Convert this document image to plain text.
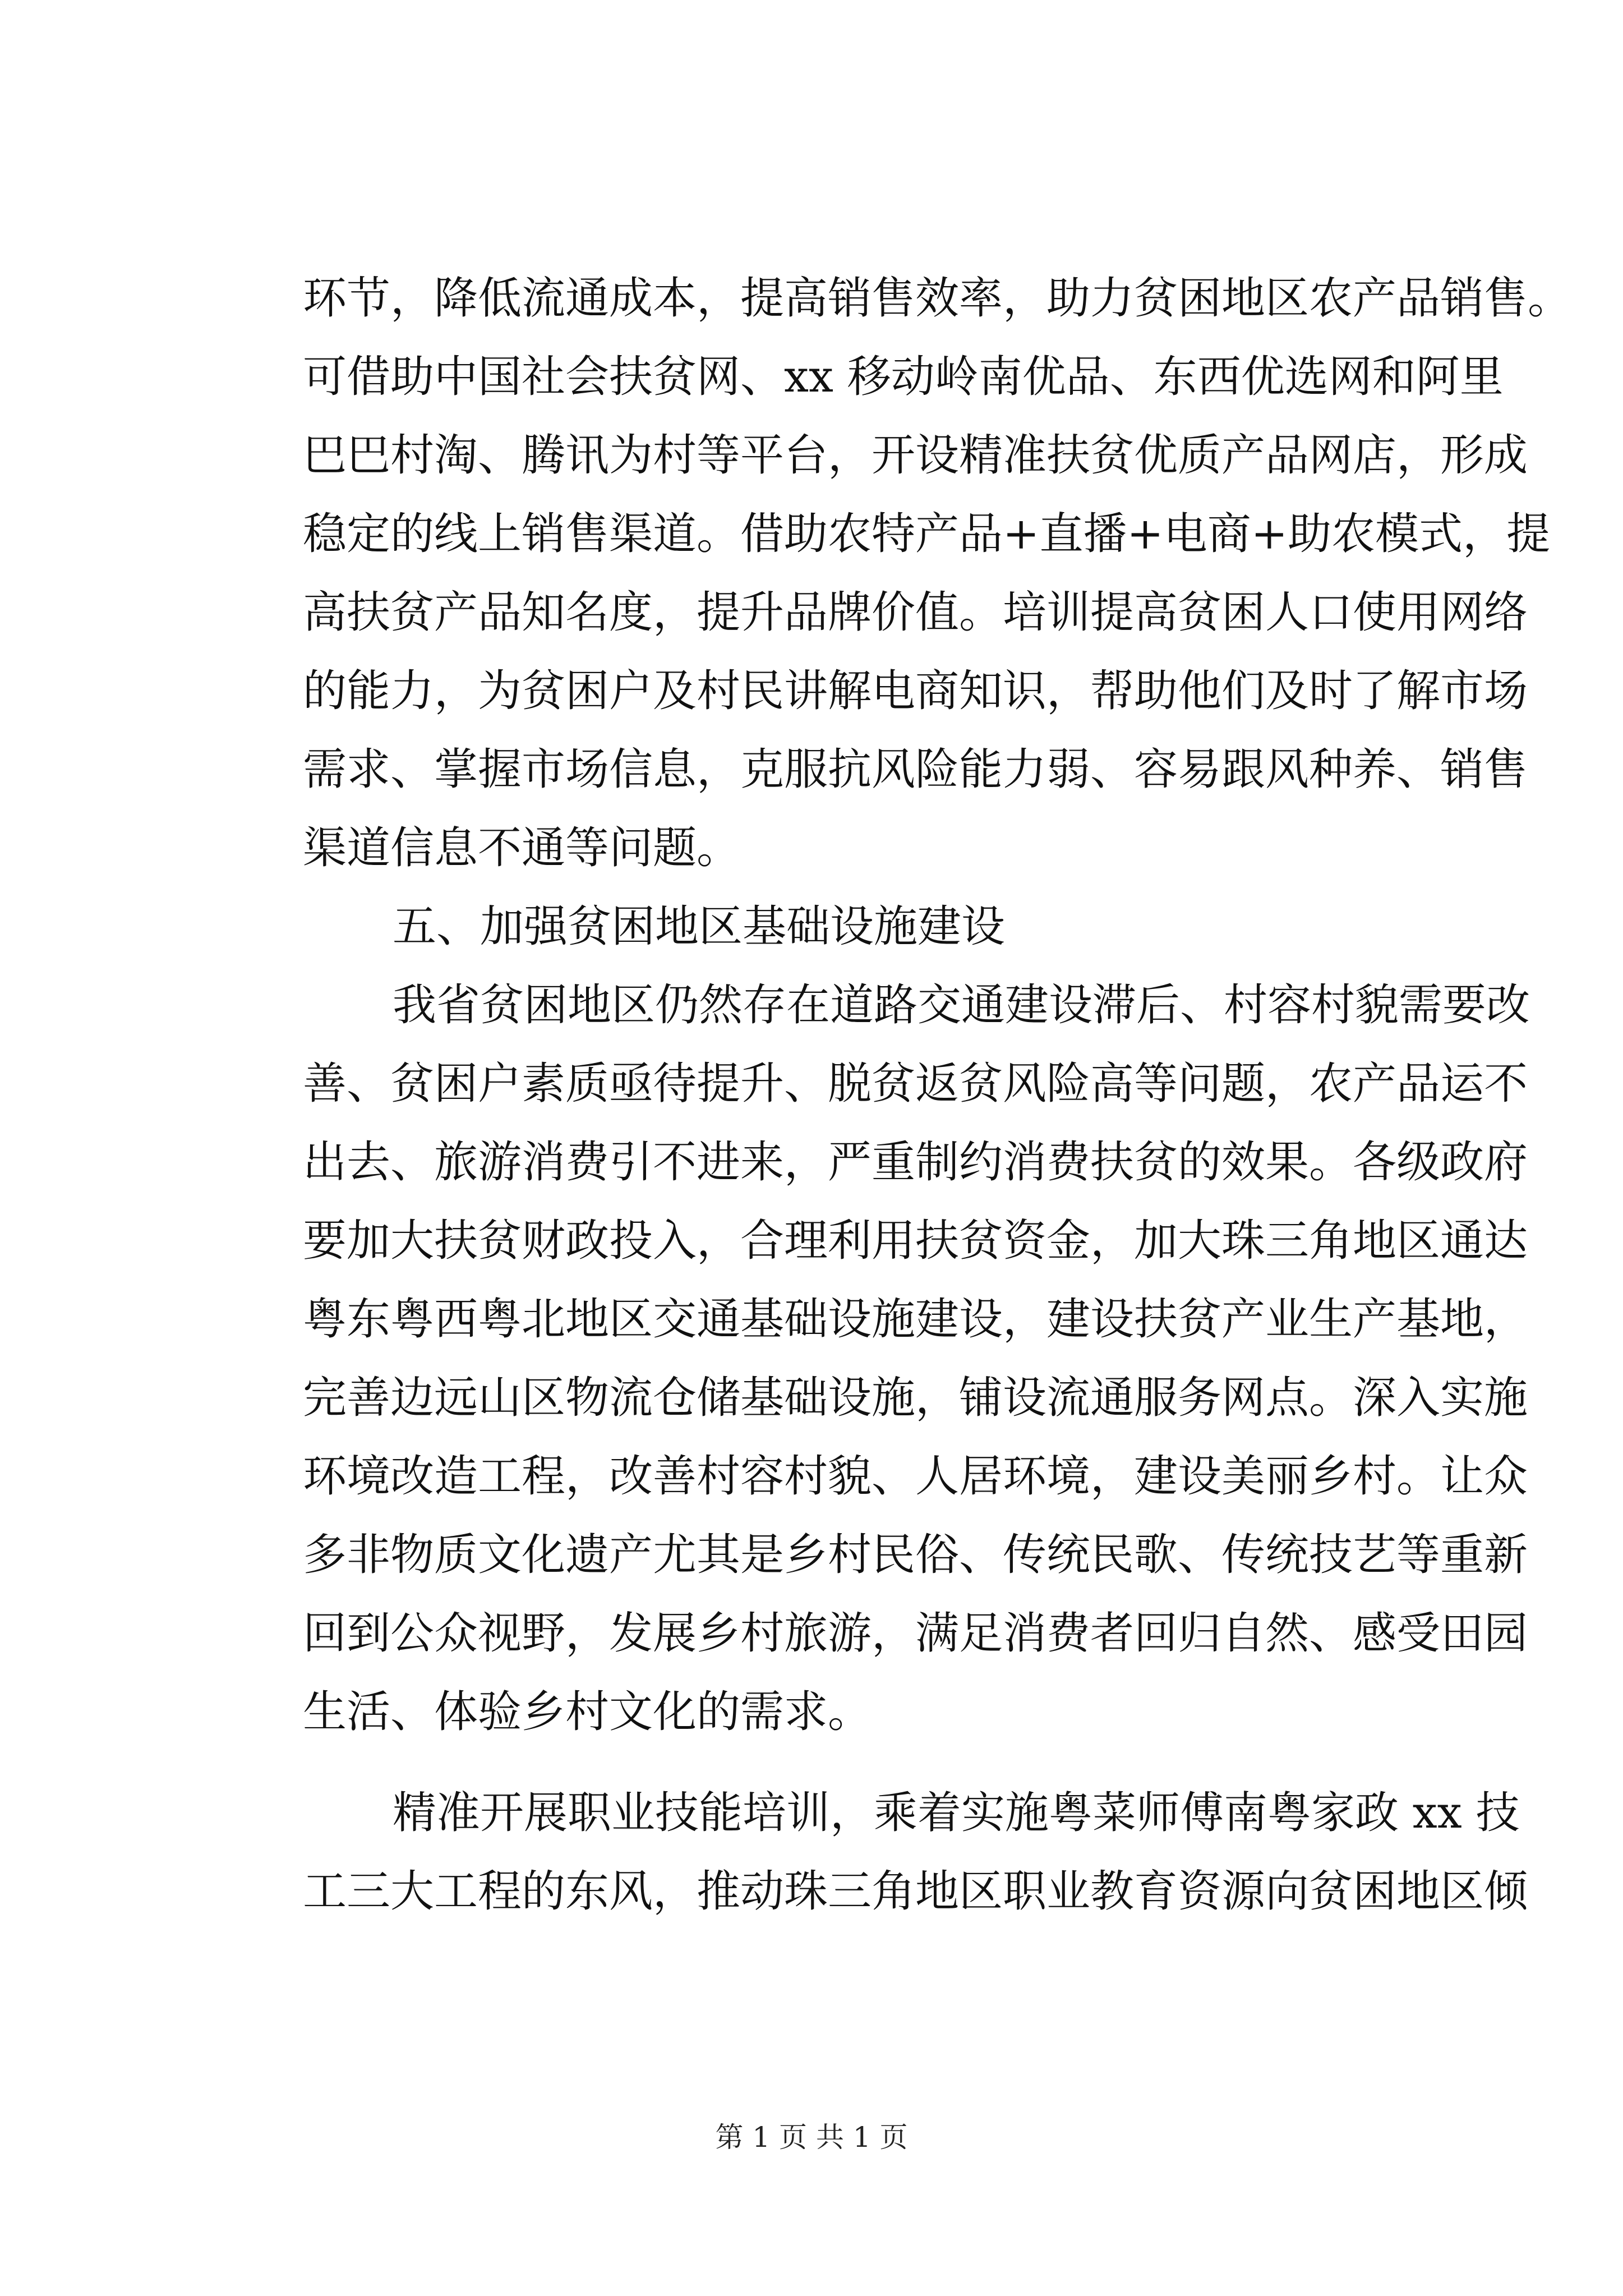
环节，降低流通成本，提高销售效率，助力贫困地区农产品销售。
可借助中国社会扶贫网、xx 移动岭南优品、东西优选网和阿里
巴巴村淘、腾讯为村等平台，开设精准扶贫优质产品网店，形成
稳定的线上销售渠道。借助农特产品+直播+电商+助农模式，提
高扶贫产品知名度，提升品牌价值。培训提高贫困人口使用网络
的能力，为贫困户及村民讲解电商知识，帮助他们及时了解市场
需求、掌握市场信息，克服抗风险能力弱、容易跟风种养、销售
渠道信息不通等问题。
五、加强贫困地区基础设施建设
我省贫困地区仍然存在道路交通建设滞后、村容村貌需要改
善、贫困户素质亟待提升、脱贫返贫风险高等问题，农产品运不
出去、旅游消费引不进来，严重制约消费扶贫的效果。各级政府
要加大扶贫财政投入，合理利用扶贫资金，加大珠三角地区通达
粤东粤西粤北地区交通基础设施建设，建设扶贫产业生产基地，
完善边远山区物流仓储基础设施，铺设流通服务网点。深入实施
环境改造工程，改善村容村貌、人居环境，建设美丽乡村。让众
多非物质文化遗产尤其是乡村民俗、传统民歌、传统技艺等重新
回到公众视野，发展乡村旅游，满足消费者回归自然、感受田园
生活、体验乡村文化的需求。
精准开展职业技能培训，乘着实施粤菜师傅南粤家政 xx 技
工三大工程的东风，推动珠三角地区职业教育资源向贫困地区倾
第 1 页 共 1 页
